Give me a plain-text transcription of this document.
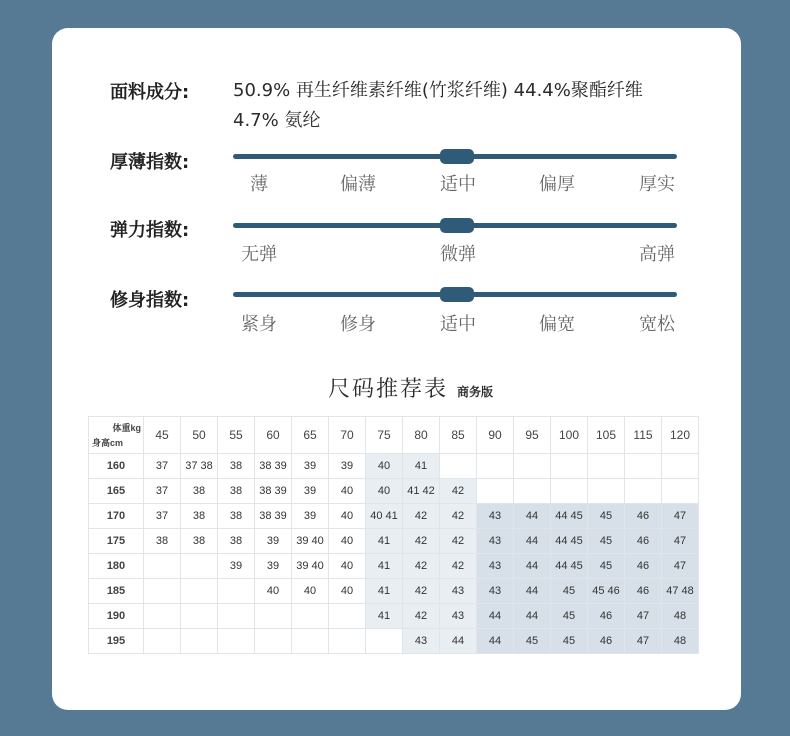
面料成分: 50.9% 再生纤维素纤维(竹浆纤维) 44.4%聚酯纤维
4.7% 氨纶
厚薄指数:
薄	偏薄	适中	偏厚	厚实
弹力指数:
无弹	微弹	高弹
修身指数:
紧身	修身	适中	偏宽	宽松
尺码推荐表 商务版
体重kg
身高cm	45	50	55	60	65	70	75	80	85	90	95	100	105	115	120
160	37	37 38	38	38 39	39	39	40	41							
165	37	38	38	38 39	39	40	40	41 42	42						
170	37	38	38	38 39	39	40	40 41	42	42	43	44	44 45	45	46	47
175	38	38	38	39	39 40	40	41	42	42	43	44	44 45	45	46	47
180			39	39	39 40	40	41	42	42	43	44	44 45	45	46	47
185				40	40	40	41	42	43	43	44	45	45 46	46	47 48
190							41	42	43	44	44	45	46	47	48
195								43	44	44	45	45	46	47	48
